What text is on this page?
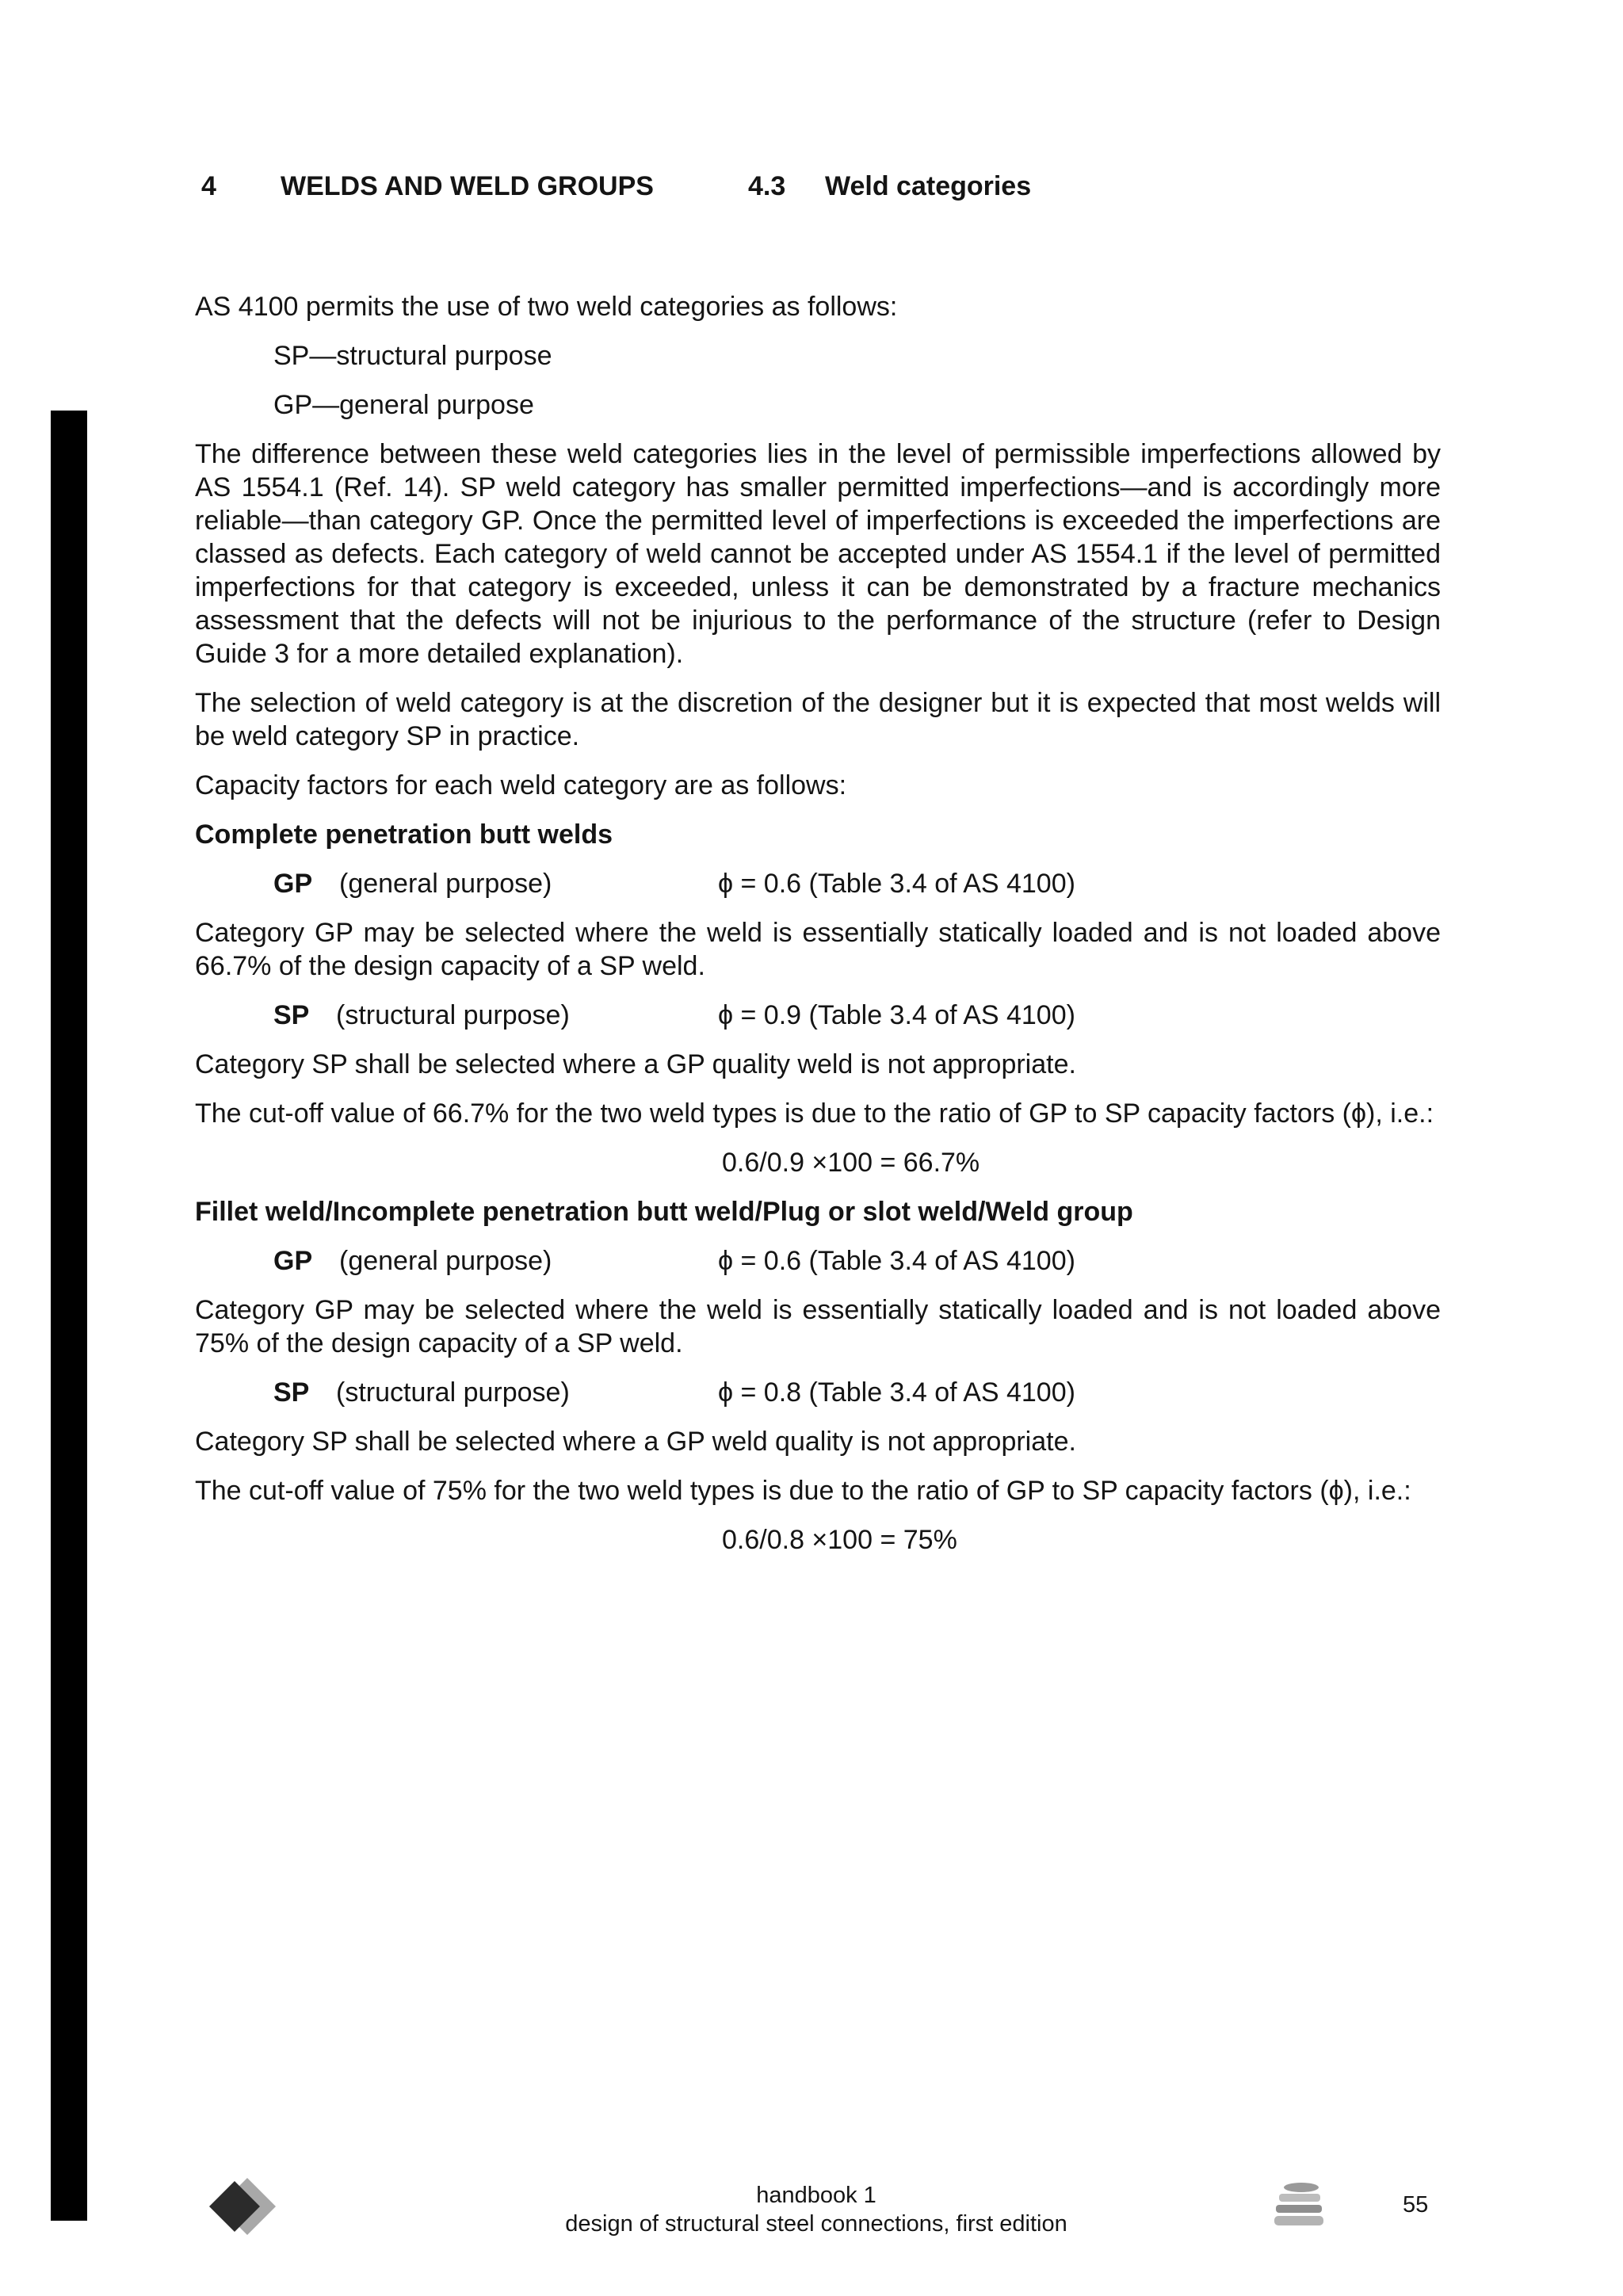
4 WELDS AND WELD GROUPS	4.3 Weld categories

AS 4100 permits the use of two weld categories as follows:

SP—structural purpose

GP—general purpose

The difference between these weld categories lies in the level of permissible imperfections allowed by AS 1554.1 (Ref. 14). SP weld category has smaller permitted imperfections—and is accordingly more reliable—than category GP. Once the permitted level of imperfections is exceeded the imperfections are classed as defects. Each category of weld cannot be accepted under AS 1554.1 if the level of permitted imperfections for that category is exceeded, unless it can be demonstrated by a fracture mechanics assessment that the defects will not be injurious to the performance of the structure (refer to Design Guide 3 for a more detailed explanation).

The selection of weld category is at the discretion of the designer but it is expected that most welds will be weld category SP in practice.

Capacity factors for each weld category are as follows:

Complete penetration butt welds

GP (general purpose)	ϕ = 0.6 (Table 3.4 of AS 4100)

Category GP may be selected where the weld is essentially statically loaded and is not loaded above 66.7% of the design capacity of a SP weld.

SP (structural purpose)	ϕ = 0.9 (Table 3.4 of AS 4100)

Category SP shall be selected where a GP quality weld is not appropriate.

The cut-off value of 66.7% for the two weld types is due to the ratio of GP to SP capacity factors (ϕ), i.e.:

0.6/0.9 ×100 = 66.7%

Fillet weld/Incomplete penetration butt weld/Plug or slot weld/Weld group

GP (general purpose)	ϕ = 0.6 (Table 3.4 of AS 4100)

Category GP may be selected where the weld is essentially statically loaded and is not loaded above 75% of the design capacity of a SP weld.

SP (structural purpose)	ϕ = 0.8 (Table 3.4 of AS 4100)

Category SP shall be selected where a GP weld quality is not appropriate.

The cut-off value of 75% for the two weld types is due to the ratio of GP to SP capacity factors (ϕ), i.e.:

0.6/0.8 ×100 = 75%

handbook 1
design of structural steel connections, first edition
55
